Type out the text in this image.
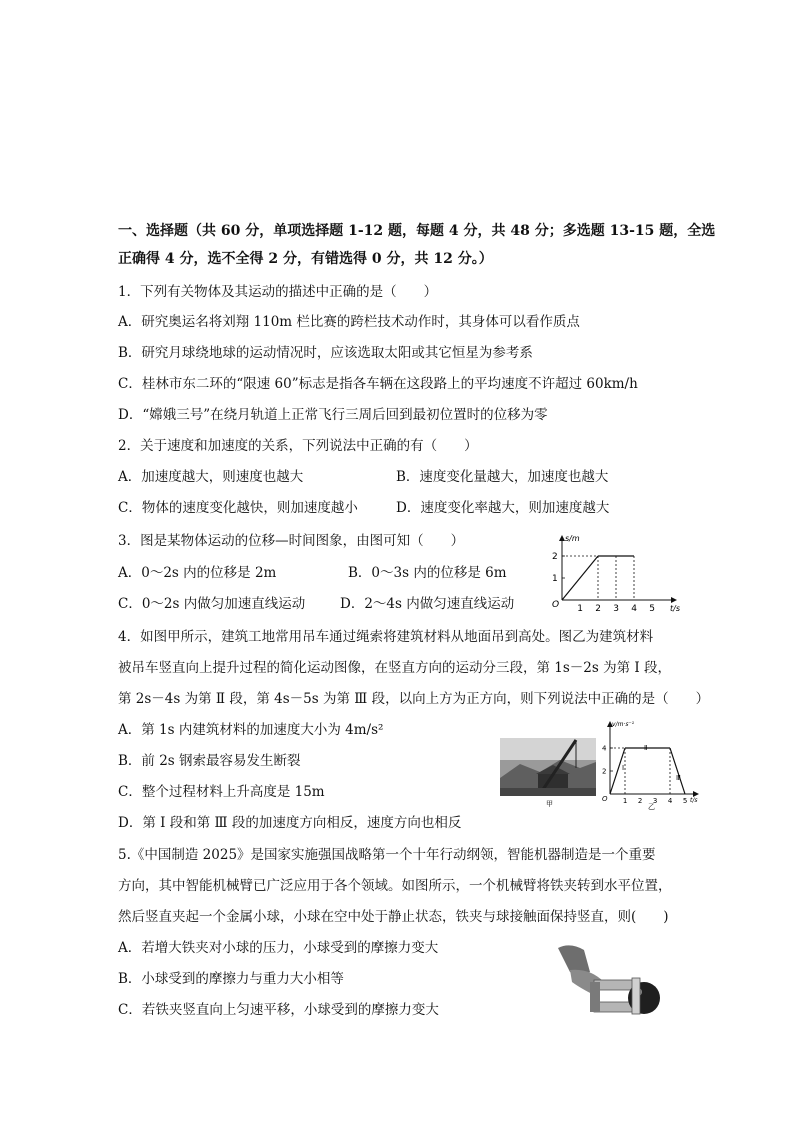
一、选择题（共 60 分，单项选择题 1-12 题，每题 4 分，共 48 分；多选题 13-15 题，全选
正确得 4 分，选不全得 2 分，有错选得 0 分，共 12 分。）
1．下列有关物体及其运动的描述中正确的是（　　）
A．研究奥运名将刘翔 110m 栏比赛的跨栏技术动作时，其身体可以看作质点
B．研究月球绕地球的运动情况时，应该选取太阳或其它恒星为参考系
C．桂林市东二环的“限速 60”标志是指各车辆在这段路上的平均速度不许超过 60km/h
D．“嫦娥三号”在绕月轨道上正常飞行三周后回到最初位置时的位移为零
2．关于速度和加速度的关系，下列说法中正确的有（　　）
A．加速度越大，则速度也越大	B．速度变化量越大，加速度也越大
C．物体的速度变化越快，则加速度越小	D．速度变化率越大，则加速度越大
3．图是某物体运动的位移—时间图象，由图可知（　　）
A．0～2s 内的位移是 2m	B．0～3s 内的位移是 6m
C．0～2s 内做匀加速直线运动	D．2～4s 内做匀速直线运动	1 2 3 4 5
1
2
s/m
t/s
O
4．如图甲所示，建筑工地常用吊车通过绳索将建筑材料从地面吊到高处。图乙为建筑材料
被吊车竖直向上提升过程的简化运动图像，在竖直方向的运动分三段，第 1s－2s 为第 Ⅰ 段，
第 2s－4s 为第 Ⅱ 段，第 4s－5s 为第 Ⅲ 段，以向上方为正方向，则下列说法中正确的是（　　）
A．第 1s 内建筑材料的加速度大小为 4m/s²
B．前 2s 钢索最容易发生断裂
C．整个过程材料上升高度是 15m
D．第 Ⅰ 段和第 Ⅲ 段的加速度方向相反，速度方向也相反
甲	1 2 3 4 5
2
4
v/m·s⁻¹
t/s
O
Ⅰ
Ⅱ
Ⅲ
乙
5.《中国制造 2025》是国家实施强国战略第一个十年行动纲领，智能机器制造是一个重要
方向，其中智能机械臂已广泛应用于各个领域。如图所示，一个机械臂将铁夹转到水平位置，
然后竖直夹起一个金属小球，小球在空中处于静止状态，铁夹与球接触面保持竖直，则(　　)
A．若增大铁夹对小球的压力，小球受到的摩擦力变大
B．小球受到的摩擦力与重力大小相等
C．若铁夹竖直向上匀速平移，小球受到的摩擦力变大
